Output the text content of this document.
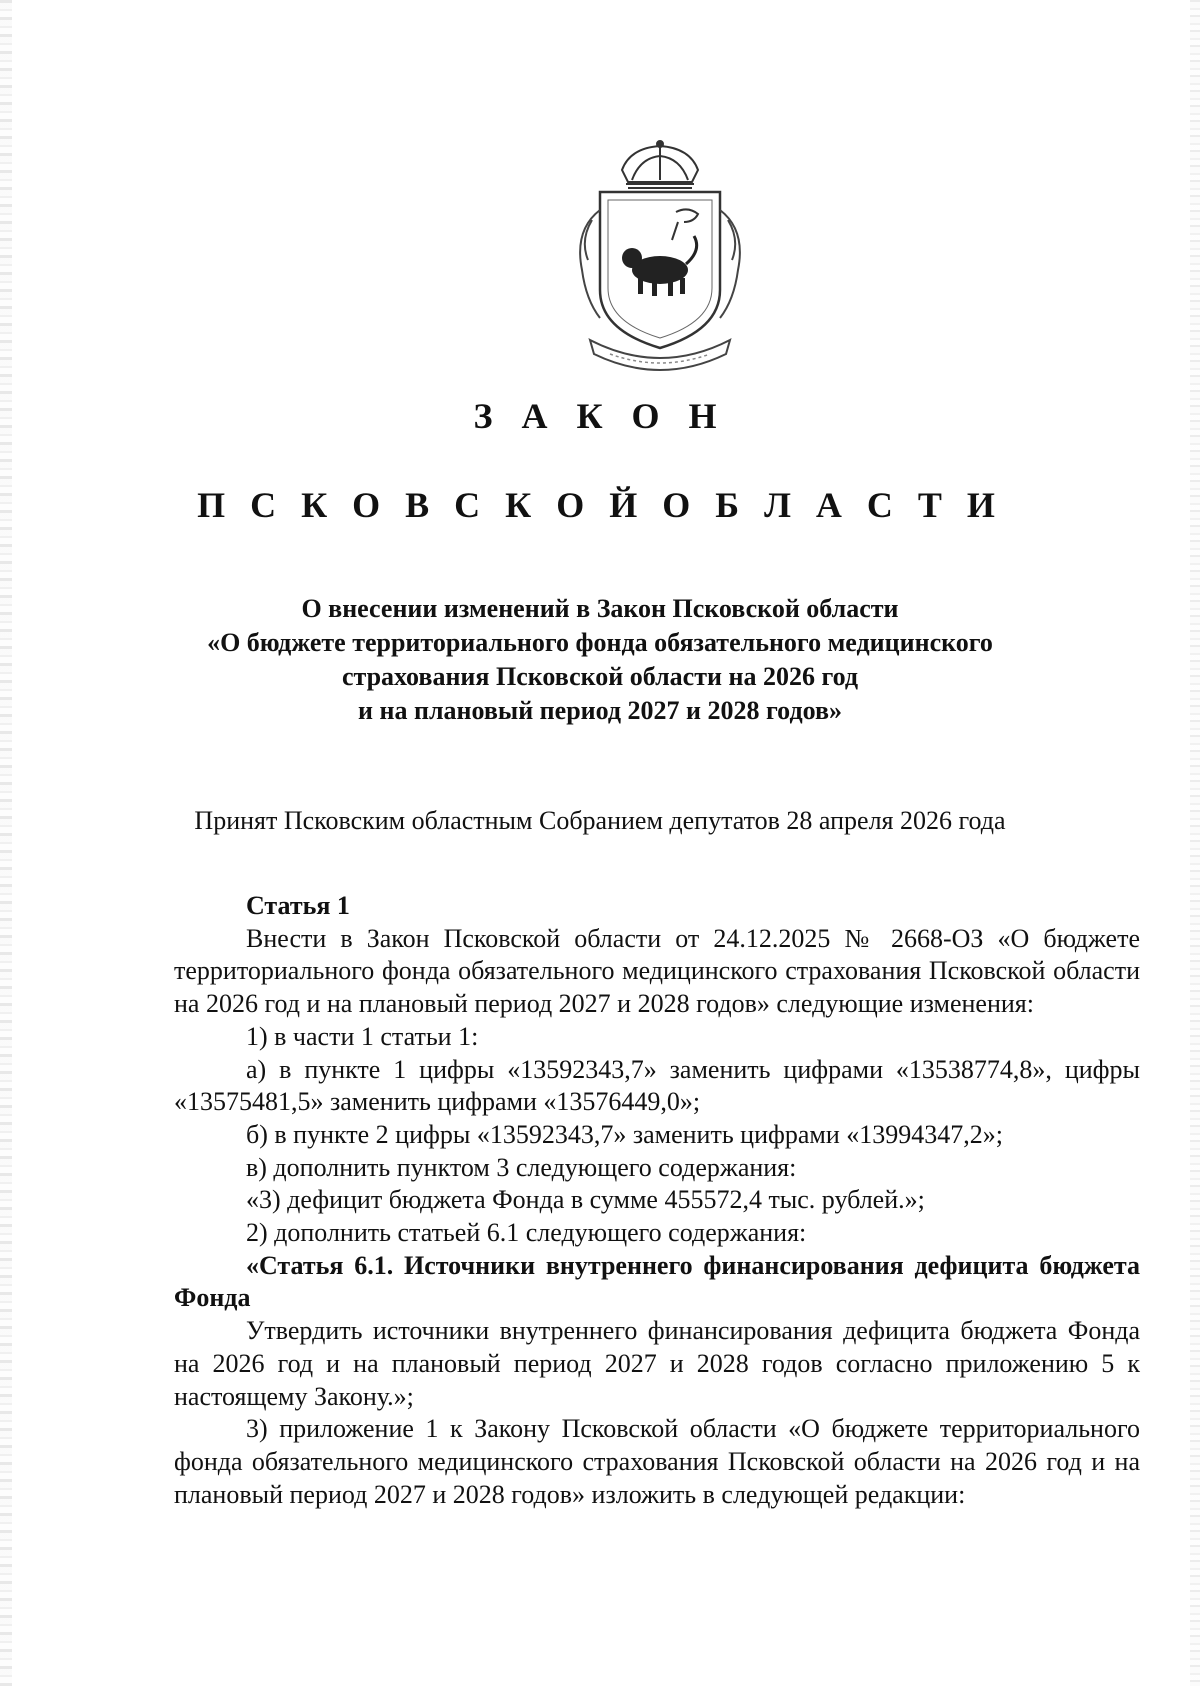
З А К О Н
П С К О В С К О Й О Б Л А С Т И
О внесении изменений в Закон Псковской области
«О бюджете территориального фонда обязательного медицинского
страхования Псковской области на 2026 год
и на плановый период 2027 и 2028 годов»
Принят Псковским областным Собранием депутатов 28 апреля 2026 года

Статья 1

Внести в Закон Псковской области от 24.12.2025 № 2668-ОЗ «О бюджете территориального фонда обязательного медицинского страхования Псковской области на 2026 год и на плановый период 2027 и 2028 годов» следующие изменения:

1) в части 1 статьи 1:

а) в пункте 1 цифры «13592343,7» заменить цифрами «13538774,8», цифры «13575481,5» заменить цифрами «13576449,0»;

б) в пункте 2 цифры «13592343,7» заменить цифрами «13994347,2»;

в) дополнить пунктом 3 следующего содержания:

«3) дефицит бюджета Фонда в сумме 455572,4 тыс. рублей.»;

2) дополнить статьей 6.1 следующего содержания:

«Статья 6.1. Источники внутреннего финансирования дефицита бюджета Фонда

Утвердить источники внутреннего финансирования дефицита бюджета Фонда на 2026 год и на плановый период 2027 и 2028 годов согласно приложению 5 к настоящему Закону.»;

3) приложение 1 к Закону Псковской области «О бюджете территориального фонда обязательного медицинского страхования Псковской области на 2026 год и на плановый период 2027 и 2028 годов» изложить в следующей редакции:
